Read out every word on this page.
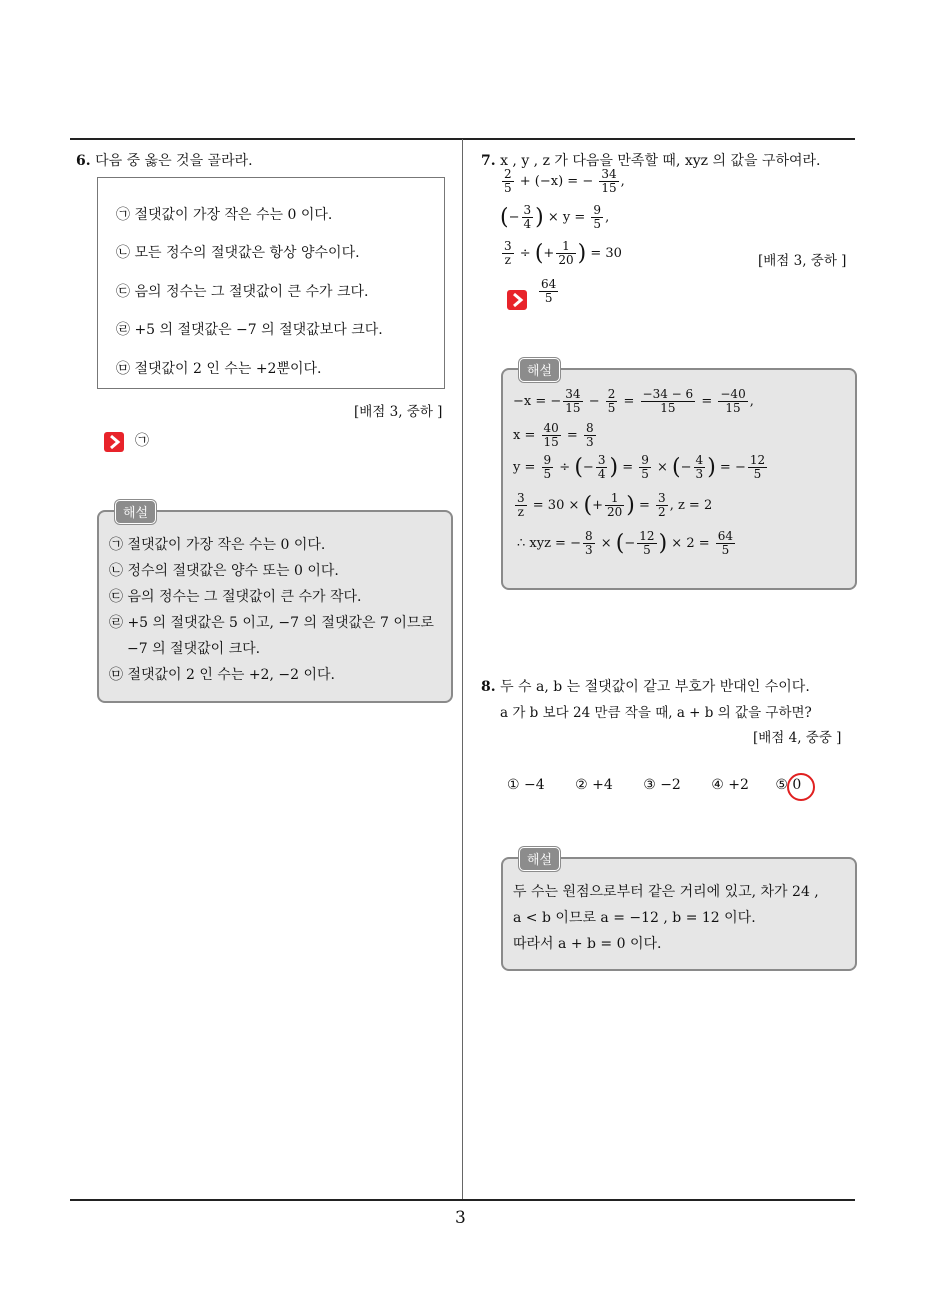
3
6. 다음 중 옳은 것을 골라라.
㉠ 절댓값이 가장 작은 수는 0 이다.
㉡ 모든 정수의 절댓값은 항상 양수이다.
㉢ 음의 정수는 그 절댓값이 큰 수가 크다.
㉣ +5 의 절댓값은 −7 의 절댓값보다 크다.
㉤ 절댓값이 2 인 수는 +2뿐이다.
[배점 3, 중하 ]
㉠
해설
㉠ 절댓값이 가장 작은 수는 0 이다.
㉡ 정수의 절댓값은 양수 또는 0 이다.
㉢ 음의 정수는 그 절댓값이 큰 수가 작다.
㉣ +5 의 절댓값은 5 이고, −7 의 절댓값은 7 이므로
−7 의 절댓값이 크다.
㉤ 절댓값이 2 인 수는 +2, −2 이다.
7. x , y , z 가 다음을 만족할 때, xyz 의 값을 구하여라.
$\frac{2}{5} + (-x)$ = − $\frac{34}{15}$ ,
(− $\frac{3}{4}$ ) × $y = \frac{9}{5}$ ,
$\frac{3}{z}$ ÷ (+ $\frac{1}{20}$ ) = 30	[배점 3, 중하 ]
$\frac{64}{5}$
해설
−x = − $\frac{34}{15} - \frac{2}{5} = \frac{-34 - 6}{15} = \frac{-40}{15}$ ,
$x = \frac{40}{15} = \frac{8}{3}$
$y = \frac{9}{5}$ ÷ (− $\frac{3}{4}$ ) = $\frac{9}{5}$ × (− $\frac{4}{3}$ ) = − $\frac{12}{5}$
$\frac{3}{z} = 30$ × (+ $\frac{1}{20}$ ) = $\frac{3}{2}$ , z = 2
∴ xyz = − $\frac{8}{3}$ × (− $\frac{12}{5}$ ) × $2 = \frac{64}{5}$
8. 두 수 a, b 는 절댓값이 같고 부호가 반대인 수이다.
a 가 b 보다 24 만큼 작을 때, a + b 의 값을 구하면?
[배점 4, 중중 ]
① −4 ② +4 ③ −2 ④ +2 ⑤ 0
해설
두 수는 원점으로부터 같은 거리에 있고, 차가 24 ,
a < b 이므로 a = −12 , b = 12 이다.
따라서 a + b = 0 이다.
